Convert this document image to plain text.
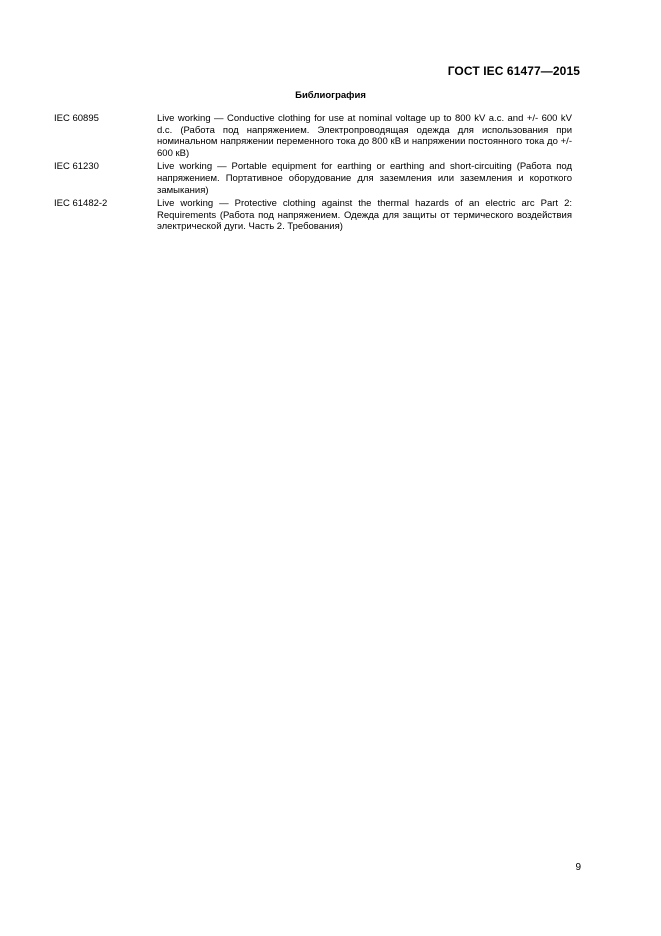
ГОСТ IEC 61477—2015
Библиография
IEC 60895	Live working — Conductive clothing for use at nominal voltage up to 800 kV a.c. and +/- 600 kV d.c. (Работа под напряжением. Электропроводящая одежда для использования при номинальном напряжении переменного тока до 800 кВ и напряжении постоянного тока до +/- 600 кВ)
IEC 61230	Live working — Portable equipment for earthing or earthing and short-circuiting (Работа под напряжением. Портативное оборудование для заземления или заземления и короткого замыкания)
IEC 61482-2	Live working — Protective clothing against the thermal hazards of an electric arc Part 2: Requirements (Работа под напряжением. Одежда для защиты от термического воздействия электрической дуги. Часть 2. Требования)
9
